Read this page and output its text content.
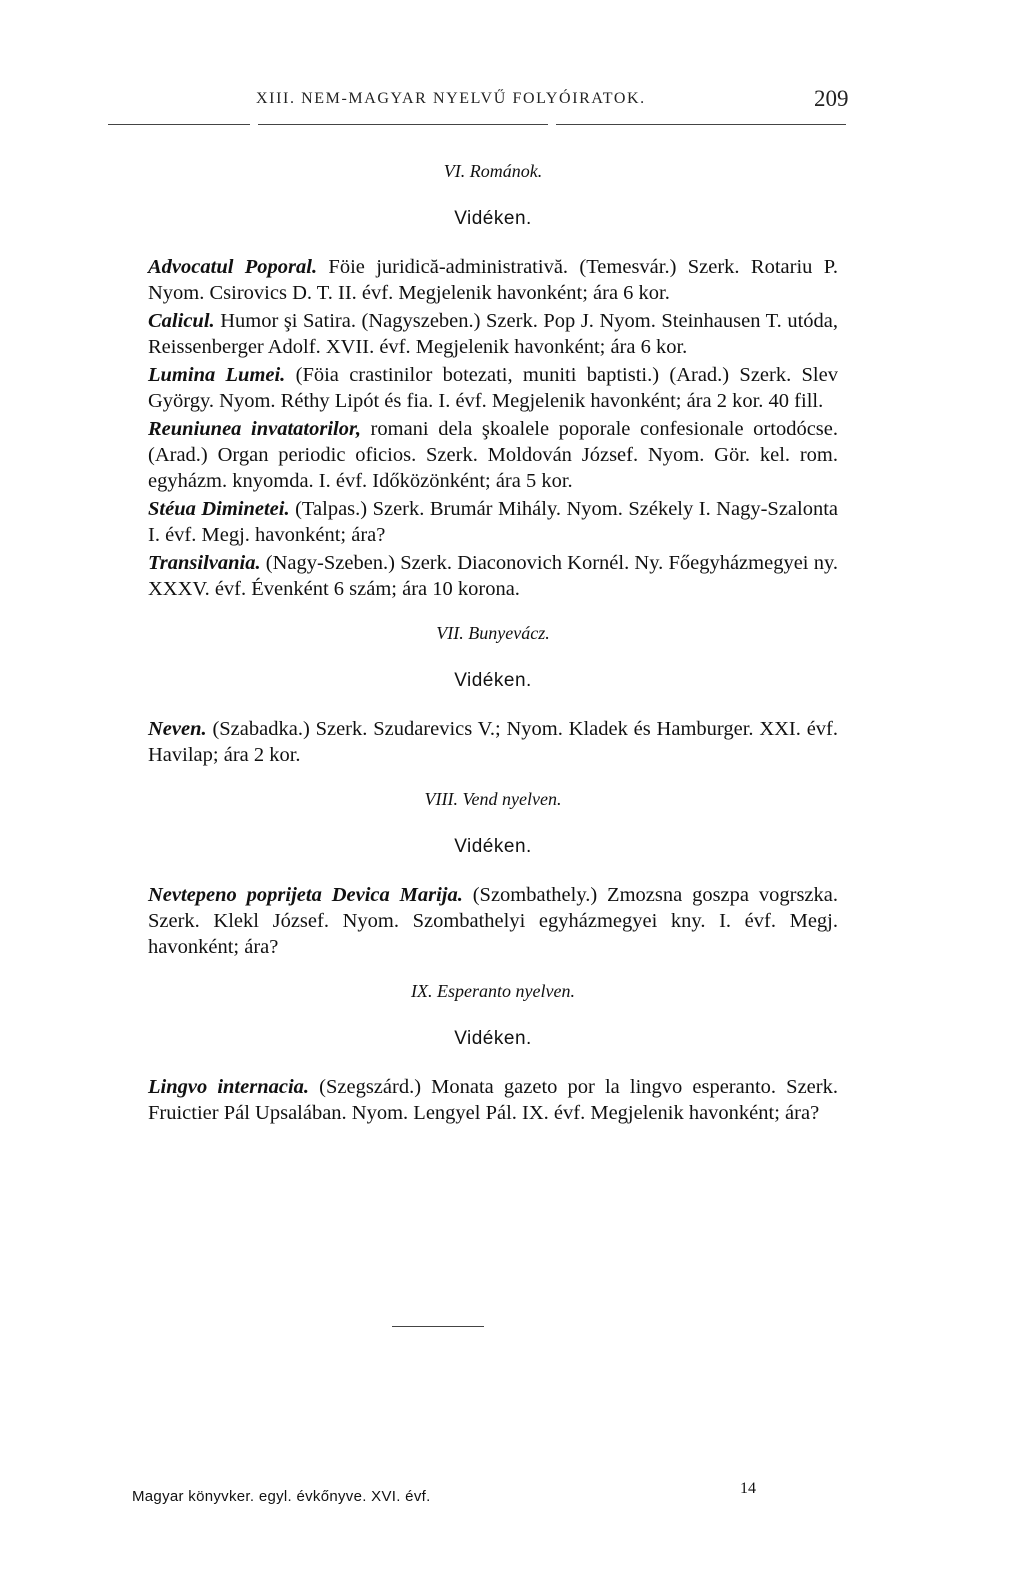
XIII. NEM-MAGYAR NYELVŰ FOLYÓIRATOK.	209
VI. Románok.
Vidéken.
Advocatul Poporal. Föie juridică-administrativă. (Temesvár.) Szerk. Rotariu P. Nyom. Csirovics D. T. II. évf. Megjelenik havonként; ára 6 kor.
Calicul. Humor şi Satira. (Nagyszeben.) Szerk. Pop J. Nyom. Steinhausen T. utóda, Reissenberger Adolf. XVII. évf. Megjelenik havonként; ára 6 kor.
Lumina Lumei. (Föia crastinilor botezati, muniti baptisti.) (Arad.) Szerk. Slev György. Nyom. Réthy Lipót és fia. I. évf. Megjelenik havonként; ára 2 kor. 40 fill.
Reuniunea invatatorilor, romani dela şkoalele poporale confesionale ortodócse. (Arad.) Organ periodic oficios. Szerk. Moldován József. Nyom. Gör. kel. rom. egyházm. knyomda. I. évf. Időközönként; ára 5 kor.
Stéua Diminetei. (Talpas.) Szerk. Brumár Mihály. Nyom. Székely I. Nagy-Szalonta I. évf. Megj. havonként; ára?
Transilvania. (Nagy-Szeben.) Szerk. Diaconovich Kornél. Ny. Főegyházmegyei ny. XXXV. évf. Évenként 6 szám; ára 10 korona.
VII. Bunyevácz.
Vidéken.
Neven. (Szabadka.) Szerk. Szudarevics V.; Nyom. Kladek és Hamburger. XXI. évf. Havilap; ára 2 kor.
VIII. Vend nyelven.
Vidéken.
Nevtepeno poprijeta Devica Marija. (Szombathely.) Zmozsna goszpa vogrszka. Szerk. Klekl József. Nyom. Szombathelyi egyházmegyei kny. I. évf. Megj. havonként; ára?
IX. Esperanto nyelven.
Vidéken.
Lingvo internacia. (Szegszárd.) Monata gazeto por la lingvo esperanto. Szerk. Fruictier Pál Upsalában. Nyom. Lengyel Pál. IX. évf. Megjelenik havonként; ára?
Magyar könyvker. egyl. évkőnyve. XVI. évf.	14
